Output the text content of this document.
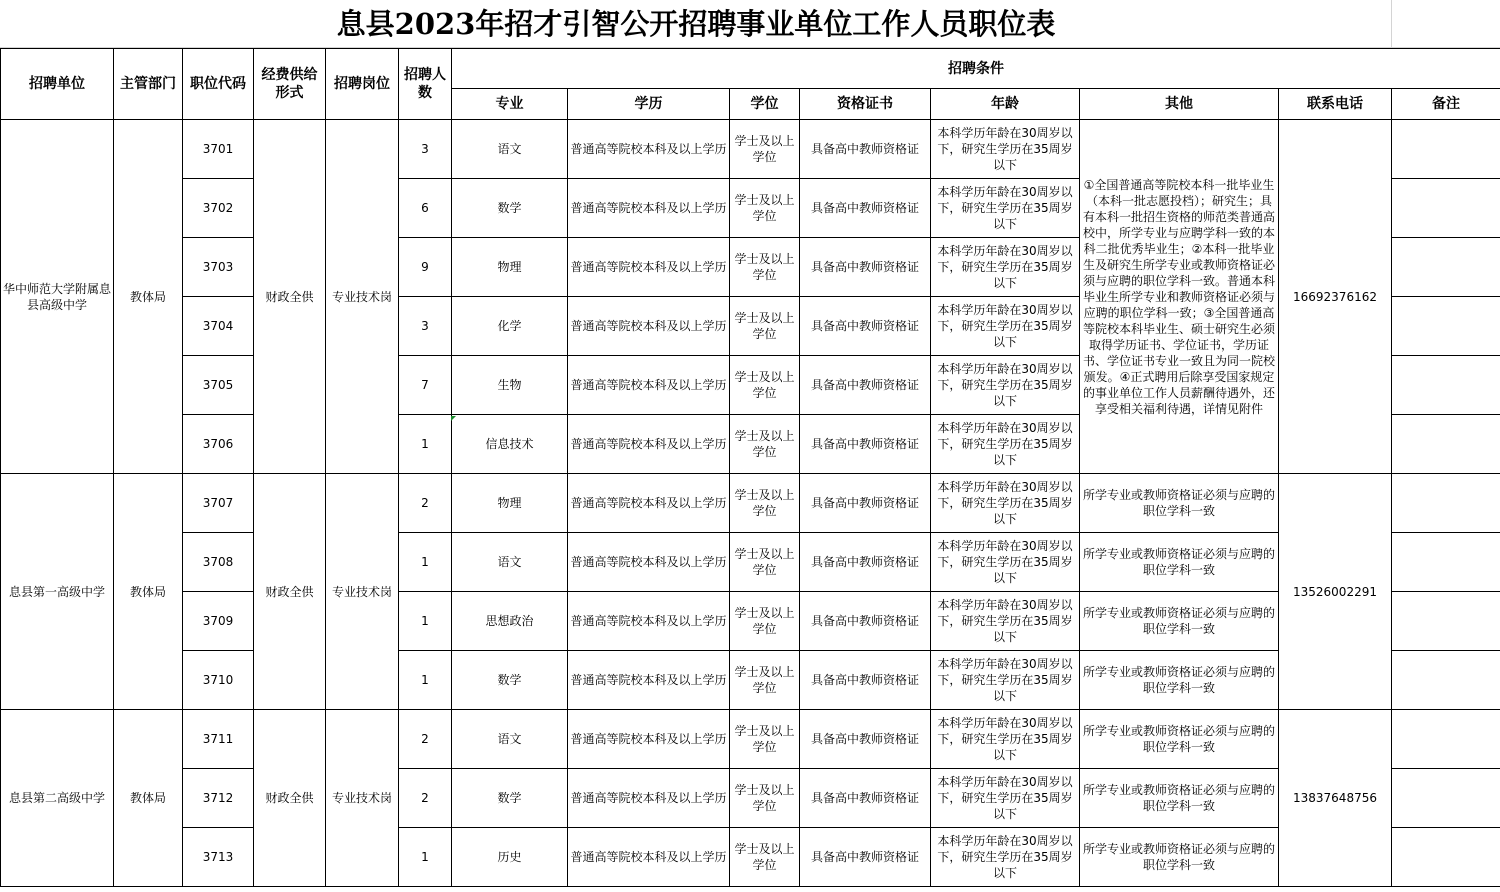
息县2023年招才引智公开招聘事业单位工作人员职位表
招聘单位	主管部门	职位代码	经费供给形式	招聘岗位	招聘人数	招聘条件							
						专业	学历	学位	资格证书	年龄	其他	联系电话	备注
华中师范大学附属息县高级中学	教体局	3701	财政全供	专业技术岗	3	语文	普通高等院校本科及以上学历	学士及以上学位	具备高中教师资格证	本科学历年龄在30周岁以下，研究生学历在35周岁以下	①全国普通高等院校本科一批毕业生（本科一批志愿投档）；研究生；具有本科一批招生资格的师范类普通高校中，所学专业与应聘学科一致的本科二批优秀毕业生；②本科一批毕业生及研究生所学专业或教师资格证必须与应聘的职位学科一致。普通本科毕业生所学专业和教师资格证必须与应聘的职位学科一致；③全国普通高等院校本科毕业生、硕士研究生必须取得学历证书、学位证书，学历证书、学位证书专业一致且为同一院校颁发。④正式聘用后除享受国家规定的事业单位工作人员薪酬待遇外，还享受相关福利待遇，详情见附件	16692376162	
		3702			6	数学	普通高等院校本科及以上学历	学士及以上学位	具备高中教师资格证	本科学历年龄在30周岁以下，研究生学历在35周岁以下			
		3703			9	物理	普通高等院校本科及以上学历	学士及以上学位	具备高中教师资格证	本科学历年龄在30周岁以下，研究生学历在35周岁以下			
		3704			3	化学	普通高等院校本科及以上学历	学士及以上学位	具备高中教师资格证	本科学历年龄在30周岁以下，研究生学历在35周岁以下			
		3705			7	生物	普通高等院校本科及以上学历	学士及以上学位	具备高中教师资格证	本科学历年龄在30周岁以下，研究生学历在35周岁以下			
		3706			1	信息技术	普通高等院校本科及以上学历	学士及以上学位	具备高中教师资格证	本科学历年龄在30周岁以下，研究生学历在35周岁以下			
息县第一高级中学	教体局	3707	财政全供	专业技术岗	2	物理	普通高等院校本科及以上学历	学士及以上学位	具备高中教师资格证	本科学历年龄在30周岁以下，研究生学历在35周岁以下	所学专业或教师资格证必须与应聘的职位学科一致	13526002291	
		3708			1	语文	普通高等院校本科及以上学历	学士及以上学位	具备高中教师资格证	本科学历年龄在30周岁以下，研究生学历在35周岁以下	所学专业或教师资格证必须与应聘的职位学科一致		
		3709			1	思想政治	普通高等院校本科及以上学历	学士及以上学位	具备高中教师资格证	本科学历年龄在30周岁以下，研究生学历在35周岁以下	所学专业或教师资格证必须与应聘的职位学科一致		
		3710			1	数学	普通高等院校本科及以上学历	学士及以上学位	具备高中教师资格证	本科学历年龄在30周岁以下，研究生学历在35周岁以下	所学专业或教师资格证必须与应聘的职位学科一致		
息县第二高级中学	教体局	3711	财政全供	专业技术岗	2	语文	普通高等院校本科及以上学历	学士及以上学位	具备高中教师资格证	本科学历年龄在30周岁以下，研究生学历在35周岁以下	所学专业或教师资格证必须与应聘的职位学科一致	13837648756	
		3712			2	数学	普通高等院校本科及以上学历	学士及以上学位	具备高中教师资格证	本科学历年龄在30周岁以下，研究生学历在35周岁以下	所学专业或教师资格证必须与应聘的职位学科一致		
		3713			1	历史	普通高等院校本科及以上学历	学士及以上学位	具备高中教师资格证	本科学历年龄在30周岁以下，研究生学历在35周岁以下	所学专业或教师资格证必须与应聘的职位学科一致		
